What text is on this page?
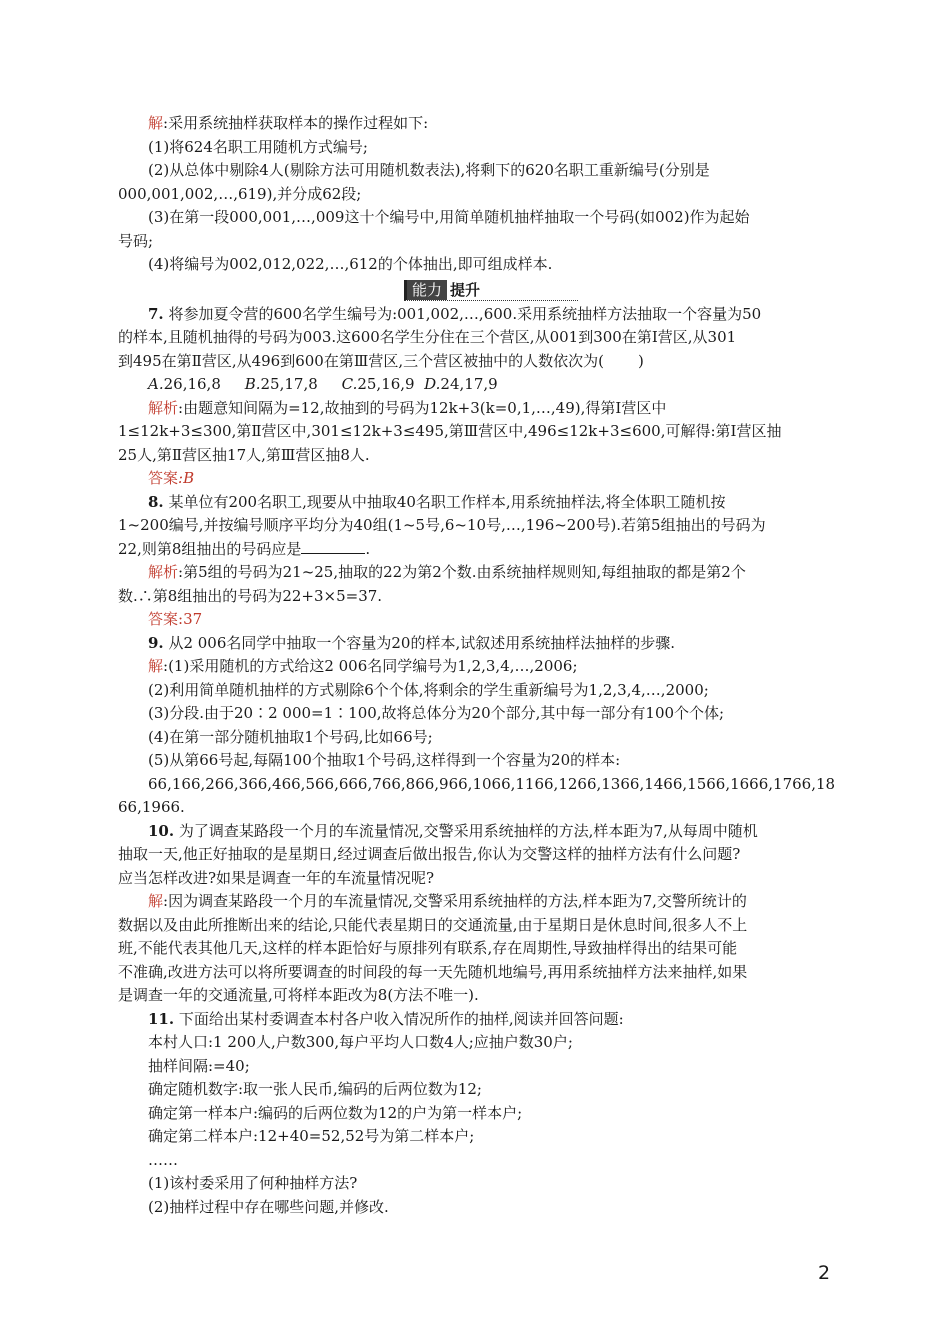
解:采用系统抽样获取样本的操作过程如下:
(1)将624名职工用随机方式编号;
(2)从总体中剔除4人(剔除方法可用随机数表法),将剩下的620名职工重新编号(分别是
000,001,002,…,619),并分成62段;
(3)在第一段000,001,…,009这十个编号中,用简单随机抽样抽取一个号码(如002)作为起始
号码;
(4)将编号为002,012,022,…,612的个体抽出,即可组成样本.
能力 提升
7. 将参加夏令营的600名学生编号为:001,002,…,600.采用系统抽样方法抽取一个容量为50
的样本,且随机抽得的号码为003.这600名学生分住在三个营区,从001到300在第Ⅰ营区,从301
到495在第Ⅱ营区,从496到600在第Ⅲ营区,三个营区被抽中的人数依次为( )
A.26,16,8 B.25,17,8 C.25,16,9 D.24,17,9
解析:由题意知间隔为=12,故抽到的号码为12k+3(k=0,1,…,49),得第Ⅰ营区中
1≤12k+3≤300,第Ⅱ营区中,301≤12k+3≤495,第Ⅲ营区中,496≤12k+3≤600,可解得:第Ⅰ营区抽
25人,第Ⅱ营区抽17人,第Ⅲ营区抽8人.
答案:B
8. 某单位有200名职工,现要从中抽取40名职工作样本,用系统抽样法,将全体职工随机按
1~200编号,并按编号顺序平均分为40组(1~5号,6~10号,…,196~200号).若第5组抽出的号码为
22,则第8组抽出的号码应是	.
解析:第5组的号码为21~25,抽取的22为第2个数.由系统抽样规则知,每组抽取的都是第2个
数.∴第8组抽出的号码为22+3×5=37.
答案:37
9. 从2 006名同学中抽取一个容量为20的样本,试叙述用系统抽样法抽样的步骤.
解:(1)采用随机的方式给这2 006名同学编号为1,2,3,4,…,2006;
(2)利用简单随机抽样的方式剔除6个个体,将剩余的学生重新编号为1,2,3,4,…,2000;
(3)分段.由于20∶2 000=1∶100,故将总体分为20个部分,其中每一部分有100个个体;
(4)在第一部分随机抽取1个号码,比如66号;
(5)从第66号起,每隔100个抽取1个号码,这样得到一个容量为20的样本:
66,166,266,366,466,566,666,766,866,966,1066,1166,1266,1366,1466,1566,1666,1766,18
66,1966.
10. 为了调查某路段一个月的车流量情况,交警采用系统抽样的方法,样本距为7,从每周中随机
抽取一天,他正好抽取的是星期日,经过调查后做出报告,你认为交警这样的抽样方法有什么问题?
应当怎样改进?如果是调查一年的车流量情况呢?
解:因为调查某路段一个月的车流量情况,交警采用系统抽样的方法,样本距为7,交警所统计的
数据以及由此所推断出来的结论,只能代表星期日的交通流量,由于星期日是休息时间,很多人不上
班,不能代表其他几天,这样的样本距恰好与原排列有联系,存在周期性,导致抽样得出的结果可能
不准确,改进方法可以将所要调查的时间段的每一天先随机地编号,再用系统抽样方法来抽样,如果
是调查一年的交通流量,可将样本距改为8(方法不唯一).
11. 下面给出某村委调查本村各户收入情况所作的抽样,阅读并回答问题:
本村人口:1 200人,户数300,每户平均人口数4人;应抽户数30户;
抽样间隔:=40;
确定随机数字:取一张人民币,编码的后两位数为12;
确定第一样本户:编码的后两位数为12的户为第一样本户;
确定第二样本户:12+40=52,52号为第二样本户;
……
(1)该村委采用了何种抽样方法?
(2)抽样过程中存在哪些问题,并修改.
2
